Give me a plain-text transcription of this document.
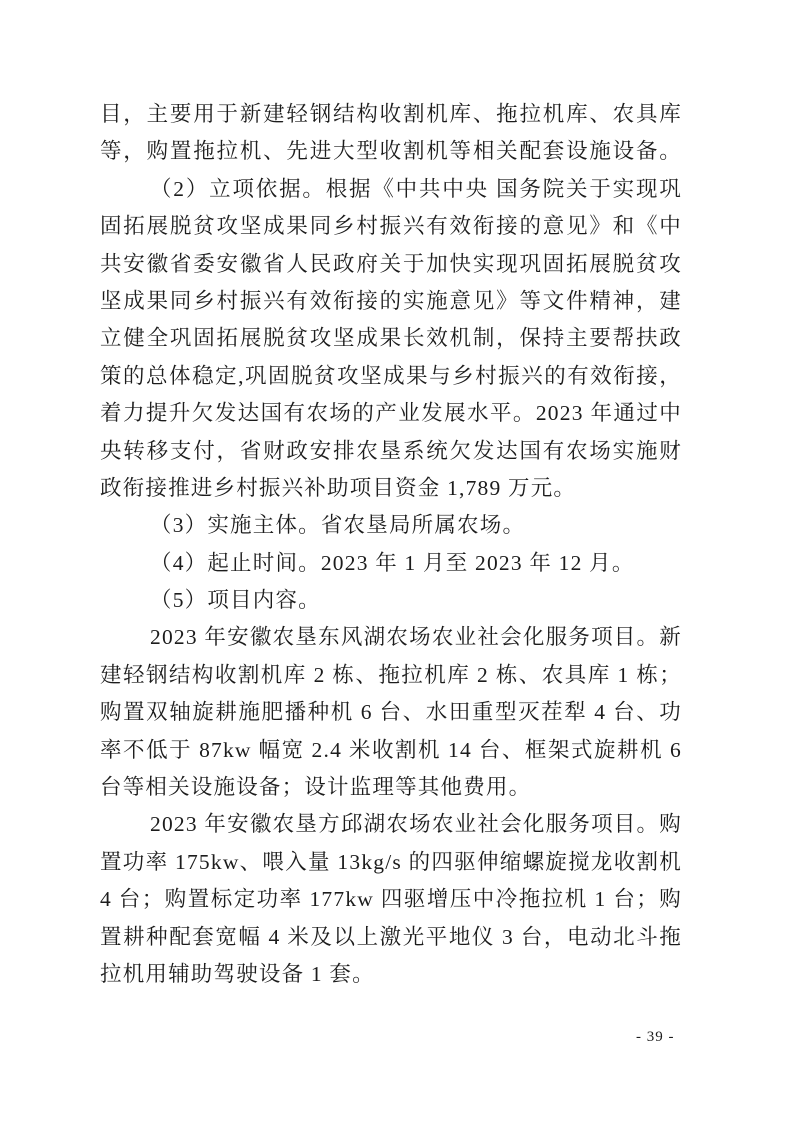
目，主要用于新建轻钢结构收割机库、拖拉机库、农具库
等，购置拖拉机、先进大型收割机等相关配套设施设备。
（2）立项依据。根据《中共中央 国务院关于实现巩
固拓展脱贫攻坚成果同乡村振兴有效衔接的意见》和《中
共安徽省委安徽省人民政府关于加快实现巩固拓展脱贫攻
坚成果同乡村振兴有效衔接的实施意见》等文件精神，建
立健全巩固拓展脱贫攻坚成果长效机制，保持主要帮扶政
策的总体稳定,巩固脱贫攻坚成果与乡村振兴的有效衔接，
着力提升欠发达国有农场的产业发展水平。2023 年通过中
央转移支付，省财政安排农垦系统欠发达国有农场实施财
政衔接推进乡村振兴补助项目资金 1,789 万元。
（3）实施主体。省农垦局所属农场。
（4）起止时间。2023 年 1 月至 2023 年 12 月。
（5）项目内容。
2023 年安徽农垦东风湖农场农业社会化服务项目。新
建轻钢结构收割机库 2 栋、拖拉机库 2 栋、农具库 1 栋；
购置双轴旋耕施肥播种机 6 台、水田重型灭茬犁 4 台、功
率不低于 87kw 幅宽 2.4 米收割机 14 台、框架式旋耕机 6
台等相关设施设备；设计监理等其他费用。
2023 年安徽农垦方邱湖农场农业社会化服务项目。购
置功率 175kw、喂入量 13kg/s 的四驱伸缩螺旋搅龙收割机
4 台；购置标定功率 177kw 四驱增压中冷拖拉机 1 台；购
置耕种配套宽幅 4 米及以上激光平地仪 3 台，电动北斗拖
拉机用辅助驾驶设备 1 套。
- 39 -
